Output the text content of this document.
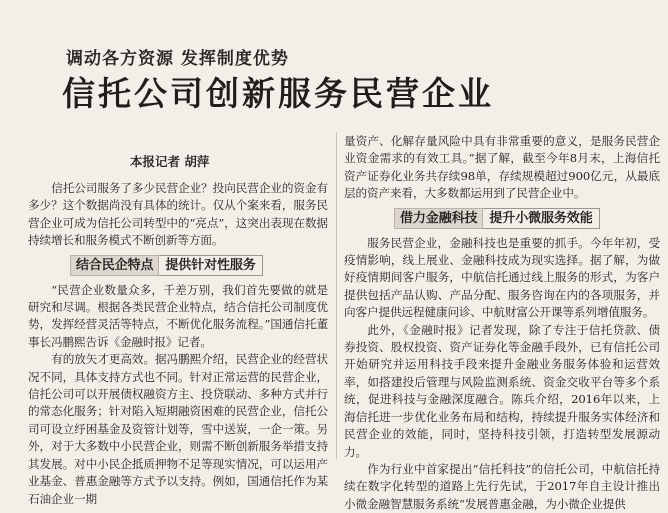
调动各方资源 发挥制度优势
信托公司创新服务民营企业
本报记者 胡萍

信托公司服务了多少民营企业？投向民营企业的资金有多少？这个数据尚没有具体的统计。仅从个案来看，服务民营企业可成为信托公司转型中的“亮点”，这突出表现在数据持续增长和服务模式不断创新等方面。

结合民企特点 提供针对性服务

“民营企业数量众多，千差万别，我们首先要做的就是研究和尽调。根据各类民营企业特点，结合信托公司制度优势，发挥经营灵活等特点，不断优化服务流程。”国通信托董事长冯鹏熙告诉《金融时报》记者。

有的放矢才更高效。据冯鹏熙介绍，民营企业的经营状况不同，具体支持方式也不同。针对正常运营的民营企业，信托公司可以开展债权融资方主、投贷联动、多种方式并行的常态化服务；针对陷入短期融资困难的民营企业，信托公司可设立纾困基金及资管计划等，雪中送炭，一企一策。另外，对于大多数中小民营企业，则需不断创新服务举措支持其发展。对中小民企抵质押物不足等现实情况，可以运用产业基金、普惠金融等方式予以支持。例如，国通信托作为某石油企业一期

量资产、化解存量风险中具有非常重要的意义，是服务民营企业资金需求的有效工具。”据了解，截至今年8月末，上海信托资产证券化业务共存续98单，存续规模超过900亿元，从最底层的资产来看，大多数都运用到了民营企业中。

借力金融科技 提升小微服务效能

服务民营企业，金融科技也是重要的抓手。今年年初，受疫情影响，线上展业、金融科技成为现实选择。据了解，为做好疫情期间客户服务，中航信托通过线上服务的形式，为客户提供包括产品认购、产品分配、服务咨询在内的各项服务，并向客户提供远程健康问诊、中航财富公开课等系列增值服务。

此外，《金融时报》记者发现，除了专注于信托贷款、债券投资、股权投资、资产证券化等金融手段外，已有信托公司开始研究并运用科技手段来提升金融业务服务体验和运营效率，如搭建投后管理与风险监测系统、资金交收平台等多个系统，促进科技与金融深度融合。陈兵介绍，2016年以来，上海信托进一步优化业务布局和结构，持续提升服务实体经济和民营企业的效能，同时，坚持科技引领，打造转型发展源动力。

作为行业中首家提出“信托科技”的信托公司，中航信托持续在数字化转型的道路上先行先试，于2017年自主设计推出小微金融智慧服务系统“发展普惠金融，为小微企业提供
